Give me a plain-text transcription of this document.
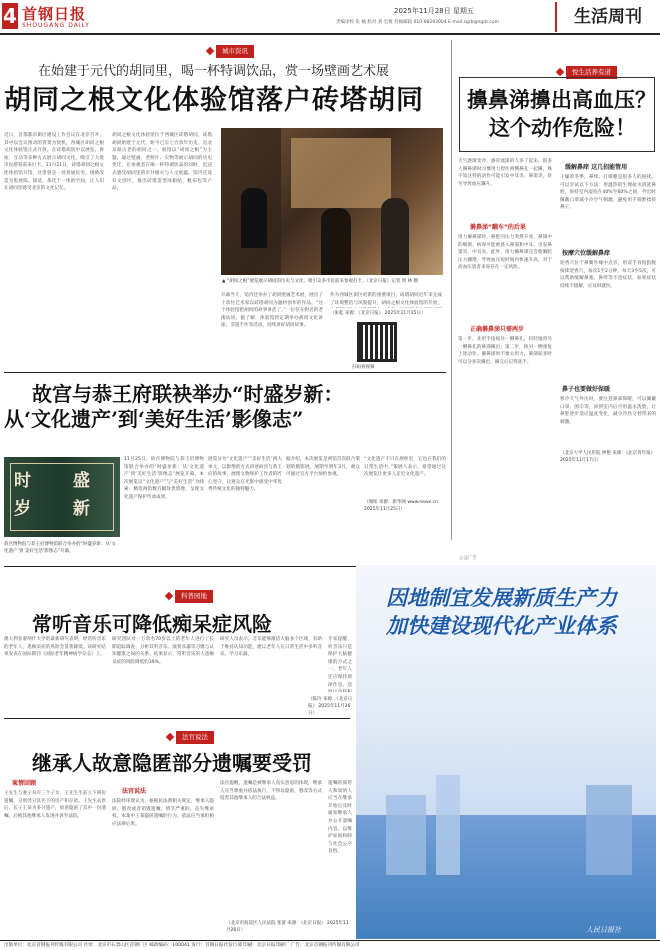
4 首钢日报
SHOUGANG DAILY
2025年11月28日 星期五
责编审校 张 楠 校对 刘 宏梅 投稿邮箱 010-88293004 E-mail sgrb@sgrb.com	生活周刊
城市资讯
在始建于元代的胡同里，喝一杯特调饮品，赏一场壁画艺术展
胡同之根文化体验馆落户砖塔胡同
近日，首都都市街区建设工作会议在北京召开，其中以会议推动的背景为契机，西城区胡同之根文化体验馆正式开放，在砖塔胡同中以展览、讲座、互动等多种方式展示胡同文化，吸引了大批市民游客前来打卡。11月21日，砖塔胡同之根文化体验馆开馆，这里曾是一处普通民宅，现被改造为集展陈、阅读、茶饮于一体的空间，让人们在胡同里感受北京的文化记忆。
胡同之根文化体验馆位于西城区砖塔胡同，砖塔胡同始建于元代，距今已有七百余年历史，是北京最古老的胡同之一。展馆以“胡同之根”为主题，通过壁画、老照片、实物等展示胡同的历史变迁，让参观者在喝一杯特调饮品的同时，沉浸式感受胡同里的市井烟火与人文底蕴。馆内还设有文创区，推出砖塔造型冰箱贴、帆布包等产品。
▲ “胡同之根”展览展示胡同的历史与文化，吸引众多市民前来参观打卡。（北京日报）记者 周 林 摄
开幕当天，馆内还举办了胡同壁画艺术展，展出了十余位艺术家以砖塔胡同为题材创作的作品。“这个体验馆把胡同的故事讲活了。”一位住在附近的老街坊说。据了解，体验馆将定期举办胡同文化讲座、非遗手作等活动，持续讲好胡同故事。
作为西城区街区更新的重要项目，砖塔胡同近年来完成了环境整治与风貌提升，胡同之根文化体验馆的开放，
（张乾 来源：《北京日报》 2025年11月25日）
扫码看视频
悦生活养有道
擤鼻涕擤出高血压？
这个动作危险！
天气逐渐变冷，感冒流涕的人多了起来，很多人擤鼻涕时习惯用力捏住两侧鼻孔一起擤，殊不知这样的动作可能引发中耳炎、鼻窦炎，甚至导致血压骤升。
擤鼻涕“翻车”的后果
用力擤鼻涕时，鼻腔内压力突然升高，鼻涕中的细菌、病毒可能被挤入鼻窦和中耳，引发鼻窦炎、中耳炎。此外，用力擤鼻涕还会使胸腔压力骤增，导致血压短时间内快速升高，对于高血压患者来说存在一定风险。
正确擤鼻涕只需两步
第一步，先用手指按住一侧鼻孔，轻轻地将另一侧鼻孔的鼻涕擤出；第二步，换另一侧重复上述动作。擤鼻涕时不要太用力，鼻涕较多时可以分多次擤出，擤完后记得洗手。
缓解鼻痒 这几招能管用
干燥的冬季，鼻痒、打喷嚏是很多人的困扰。可以尝试以下方法：用温热的生理盐水清洗鼻腔，保持室内湿度在40%至60%之间，外出时佩戴口罩减少冷空气刺激，避免用手频繁揉搓鼻子。
按摩穴位缓解鼻痒
迎香穴位于鼻翼外缘中点旁，用双手食指指腹按揉迎香穴，每次1至2分钟，每天3至5次，可以帮助缓解鼻塞、鼻痒等不适症状。如果症状持续不缓解，应及时就医。
鼻子也要做好保暖
寒冷天气外出时，要注意鼻部保暖，可以佩戴口罩、围巾等，回到室内后可用温水洗脸，让鼻腔逐步适应温度变化，减少冷热交替带来的刺激。
（北京大学人民医院 钟艳 来源：《北京青年报》 2025年11月17日）
故宫与恭王府联袂举办“时盛岁新：
从‘文化遗产’到‘美好生活’影像志”
时 盛 岁 新
故宫博物院与恭王府博物馆联合举办的“时盛岁新：从‘文化遗产’到‘美好生活’影像志”开幕。
11月25日，故宫博物院与恭王府博物馆联合举办的“时盛岁新：从‘文化遗产’到‘美好生活’影像志”展览开幕。本次展览以“文化遗产”与“美好生活”为线索，精选两馆数百幅珍贵影像，呈现文化遗产保护传承成果。
展览分为“文化遗产”“美好生活”两大单元，以影像的方式讲述故宫与恭王府的故事，展现文物保护工作者的匠心坚守，让观众在光影中感受中华优秀传统文化的独特魅力。
据介绍，本次展览是两馆首次联合策划的摄影展，展期至明年3月，观众可通过官方平台预约参观。
“文化遗产不只在展柜里，它也在我们的日常生活中。”策展人表示，希望通过这次展览让更多人走近文化遗产。
（闻铭 来源：新华网 www.news.cn 2025年11月25日）
公益广告
因地制宜发展新质生产力
加快建设现代化产业体系
人民日报社
科普园地
常听音乐可降低痴呆症风险
澳大利亚蒙纳什大学的最新研究表明，经常听音乐的老年人，患痴呆症的风险会显著降低。该研究结果发表在国际期刊《国际老年精神病学杂志》上。
研究团队对一万余名70岁以上的老年人进行了长期追踪调查，分析其听音乐、演奏乐器等习惯与认知健康之间的关系。结果显示，常听音乐的人患痴呆症的风险降低约39%。
研究人员表示，音乐能够激活大脑多个区域，有助于维持认知功能，建议老年人在日常生活中多听音乐、学习乐器。
专家提醒，听音乐只是保护大脑健康的方式之一，老年人还应保持规律作息、适
（陈玲 来源：《北京日报》 2025年11月26日）
法官说法
继承人故意隐匿部分遗嘱要受罚
案情回顾
王先生与妻子育有三个子女，王先生生前立下两份遗嘱，分别处分其名下的房产和存款。王先生去世后，长子王某为多分遗产，故意隐匿了其中一份遗嘱，后被其他继承人发现并诉至法院。
法官说法
法院经审理认为，根据民法典相关规定，继承人隐匿、篡改或者销毁遗嘱，情节严重的，丧失继承权。本案中王某隐匿遗嘱的行为，依法应当承担相应法律后果。
法官提醒，遗嘱是被继承人真实意思的体现，继承人应当尊重并依法执行，不得以隐匿、篡改等方式侵害其他继承人的合法权益。
遗嘱的保管人和知情人应当在继承开始后及时通知继承人并公开遗嘱内容，以维护家庭和睦与社会公序良俗。
（北京市海淀区人民法院 张蕾 来源：《北京日报》 2025年11月26日）
出版单位：北京首钢报刊传媒有限公司 社址：北京市石景山区首钢厂区 邮政编码：100041 发行：首钢日报社发行部 印刷：北京日报印刷厂 广告：北京首钢报刊传媒有限公司
